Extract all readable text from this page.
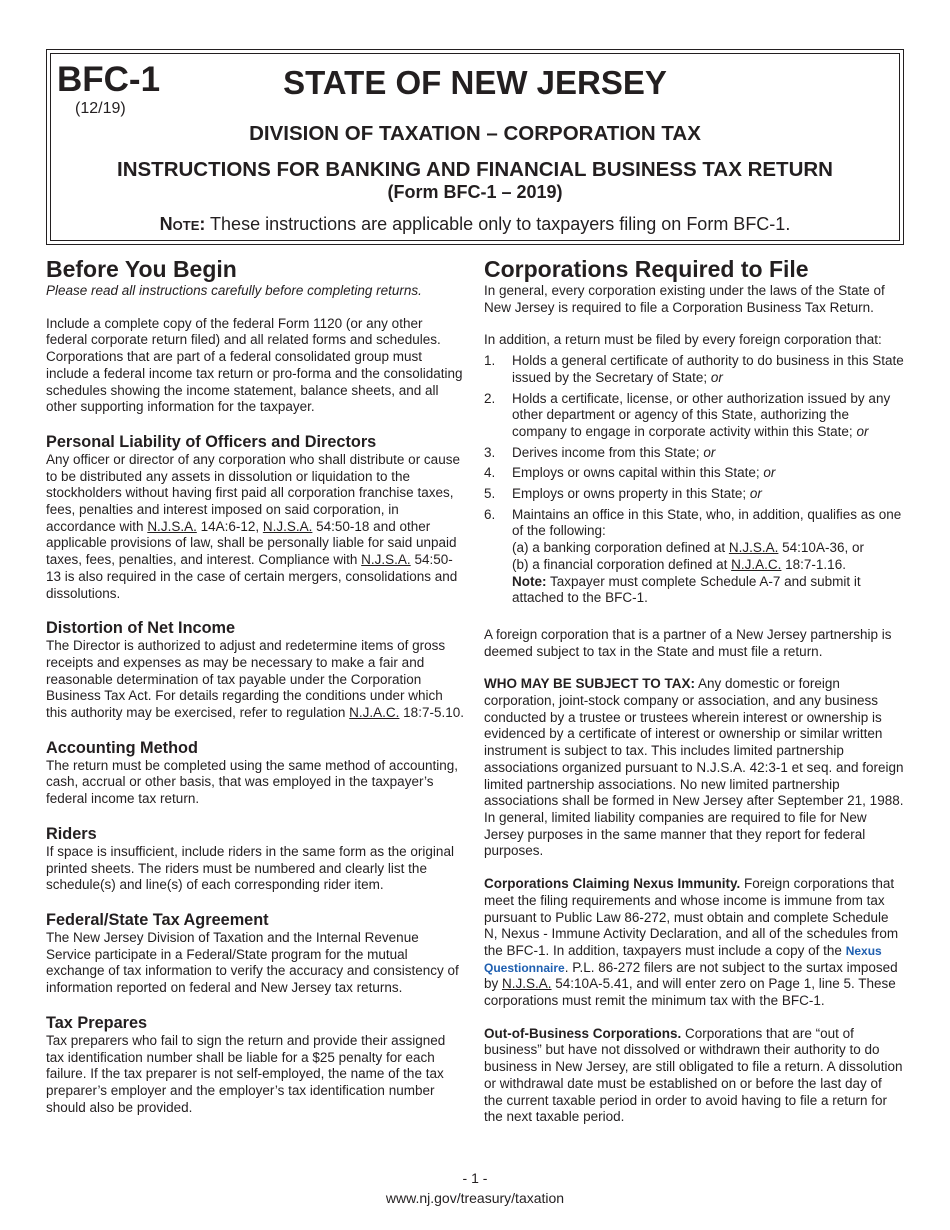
BFC-1
(12/19)
STATE OF NEW JERSEY
DIVISION OF TAXATION – CORPORATION TAX
INSTRUCTIONS FOR BANKING AND FINANCIAL BUSINESS TAX RETURN
(Form BFC-1 – 2019)
Note: These instructions are applicable only to taxpayers filing on Form BFC-1.
Before You Begin

Please read all instructions carefully before completing returns.

Include a complete copy of the federal Form 1120 (or any other federal corporate return filed) and all related forms and schedules. Corporations that are part of a federal consolidated group must include a federal income tax return or pro-forma and the consolidating schedules showing the income statement, balance sheets, and all other supporting information for the taxpayer.

Personal Liability of Officers and Directors

Any officer or director of any corporation who shall distribute or cause to be distributed any assets in dissolution or liquidation to the stockholders without having first paid all corporation franchise taxes, fees, penalties and interest imposed on said corporation, in accordance with N.J.S.A. 14A:6-12, N.J.S.A. 54:50-18 and other applicable provisions of law, shall be personally liable for said unpaid taxes, fees, penalties, and interest. Compliance with N.J.S.A. 54:50-13 is also required in the case of certain mergers, consolidations and dissolutions.

Distortion of Net Income

The Director is authorized to adjust and redetermine items of gross receipts and expenses as may be necessary to make a fair and reasonable determination of tax payable under the Corporation Business Tax Act. For details regarding the conditions under which this authority may be exercised, refer to regulation N.J.A.C. 18:7-5.10.

Accounting Method

The return must be completed using the same method of accounting, cash, accrual or other basis, that was employed in the taxpayer’s federal income tax return.

Riders

If space is insufficient, include riders in the same form as the original printed sheets. The riders must be numbered and clearly list the schedule(s) and line(s) of each corresponding rider item.

Federal/State Tax Agreement

The New Jersey Division of Taxation and the Internal Revenue Service participate in a Federal/State program for the mutual exchange of tax information to verify the accuracy and consistency of information reported on federal and New Jersey tax returns.

Tax Prepares

Tax preparers who fail to sign the return and provide their assigned tax identification number shall be liable for a $25 penalty for each failure. If the tax preparer is not self-employed, the name of the tax preparer’s employer and the employer’s tax identification number should also be provided.

Corporations Required to File

In general, every corporation existing under the laws of the State of New Jersey is required to file a Corporation Business Tax Return.

In addition, a return must be filed by every foreign corporation that:

1. Holds a general certificate of authority to do business in this State issued by the Secretary of State; or
2. Holds a certificate, license, or other authorization issued by any other department or agency of this State, authorizing the company to engage in corporate activity within this State; or
3. Derives income from this State; or
4. Employs or owns capital within this State; or
5. Employs or owns property in this State; or
6. Maintains an office in this State, who, in addition, qualifies as one of the following:
(a) a banking corporation defined at N.J.S.A. 54:10A-36, or
(b) a financial corporation defined at N.J.A.C. 18:7-1.16.
Note: Taxpayer must complete Schedule A-7 and submit it attached to the BFC-1.

A foreign corporation that is a partner of a New Jersey partnership is deemed subject to tax in the State and must file a return.

WHO MAY BE SUBJECT TO TAX: Any domestic or foreign corporation, joint-stock company or association, and any business conducted by a trustee or trustees wherein interest or ownership is evidenced by a certificate of interest or ownership or similar written instrument is subject to tax. This includes limited partnership associations organized pursuant to N.J.S.A. 42:3-1 et seq. and foreign limited partnership associations. No new limited partnership associations shall be formed in New Jersey after September 21, 1988. In general, limited liability companies are required to file for New Jersey purposes in the same manner that they report for federal purposes.

Corporations Claiming Nexus Immunity. Foreign corporations that meet the filing requirements and whose income is immune from tax pursuant to Public Law 86-272, must obtain and complete Schedule N, Nexus - Immune Activity Declaration, and all of the schedules from the BFC-1. In addition, taxpayers must include a copy of the Nexus Questionnaire. P.L. 86-272 filers are not subject to the surtax imposed by N.J.S.A. 54:10A-5.41, and will enter zero on Page 1, line 5. These corporations must remit the minimum tax with the BFC-1.

Out-of-Business Corporations. Corporations that are “out of business” but have not dissolved or withdrawn their authority to do business in New Jersey, are still obligated to file a return. A dissolution or withdrawal date must be established on or before the last day of the current taxable period in order to avoid having to file a return for the next taxable period.

- 1 -
www.nj.gov/treasury/taxation
